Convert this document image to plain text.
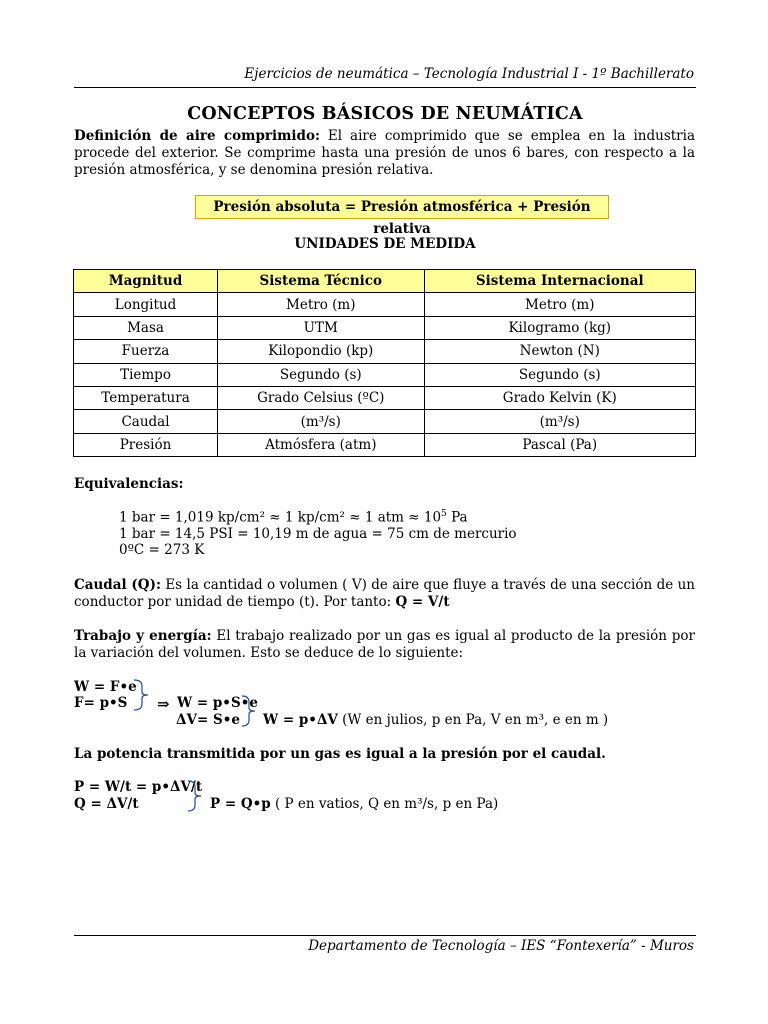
Ejercicios de neumática – Tecnología Industrial I - 1º Bachillerato
CONCEPTOS BÁSICOS DE NEUMÁTICA
Definición de aire comprimido: El aire comprimido que se emplea en la industria procede del exterior. Se comprime hasta una presión de unos 6 bares, con respecto a la presión atmosférica, y se denomina presión relativa.
Presión absoluta = Presión atmosférica + Presión relativa
UNIDADES DE MEDIDA
Magnitud	Sistema Técnico	Sistema Internacional
Longitud	Metro (m)	Metro (m)
Masa	UTM	Kilogramo (kg)
Fuerza	Kilopondio (kp)	Newton (N)
Tiempo	Segundo (s)	Segundo (s)
Temperatura	Grado Celsius (ºC)	Grado Kelvin (K)
Caudal	(m³/s)	(m³/s)
Presión	Atmósfera (atm)	Pascal (Pa)
Equivalencias:
1 bar = 1,019 kp/cm² ≈ 1 kp/cm² ≈ 1 atm ≈ $10^5$ Pa
1 bar = 14,5 PSI = 10,19 m de agua = 75 cm de mercurio
0ºC = 273 K
Caudal (Q): Es la cantidad o volumen ( V) de aire que fluye a través de una sección de un conductor por unidad de tiempo (t). Por tanto: Q = V/t
Trabajo y energía: El trabajo realizado por un gas es igual al producto de la presión por la variación del volumen. Esto se deduce de lo siguiente:
W = F•e
F= p•S ⇒ W = p•S•e
ΔV= S•e W = p•ΔV (W en julios, p en Pa, V en m³, e en m )
La potencia transmitida por un gas es igual a la presión por el caudal.
P = W/t = p•ΔV/t
Q = ΔV/t	P = Q•p ( P en vatios, Q en m³/s, p en Pa)
Departamento de Tecnología – IES “Fontexería” - Muros
